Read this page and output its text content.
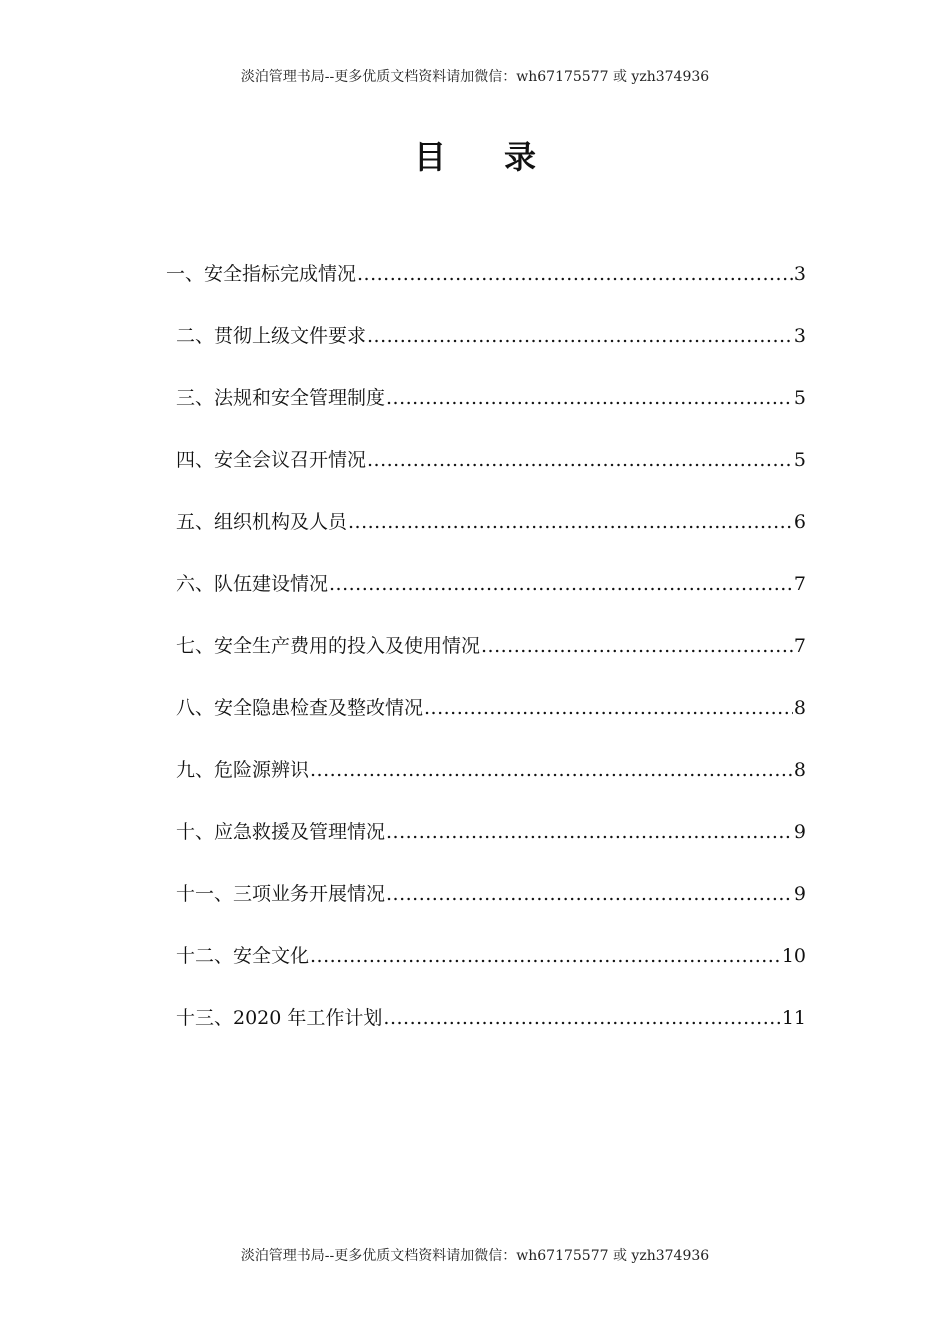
淡泊管理书局--更多优质文档资料请加微信：wh67175577 或 yzh374936
目录
一、安全指标完成情况 .....	3
二、贯彻上级文件要求 .....	3
三、法规和安全管理制度 .....	5
四、安全会议召开情况 .....	5
五、组织机构及人员 .....	6
六、队伍建设情况 .....	7
七、安全生产费用的投入及使用情况 .....	7
八、安全隐患检查及整改情况 .....	8
九、危险源辨识 .....	8
十、应急救援及管理情况 .....	9
十一、三项业务开展情况 .....	9
十二、安全文化 .....	10
十三、2020 年工作计划 .....	11
淡泊管理书局--更多优质文档资料请加微信：wh67175577 或 yzh374936
